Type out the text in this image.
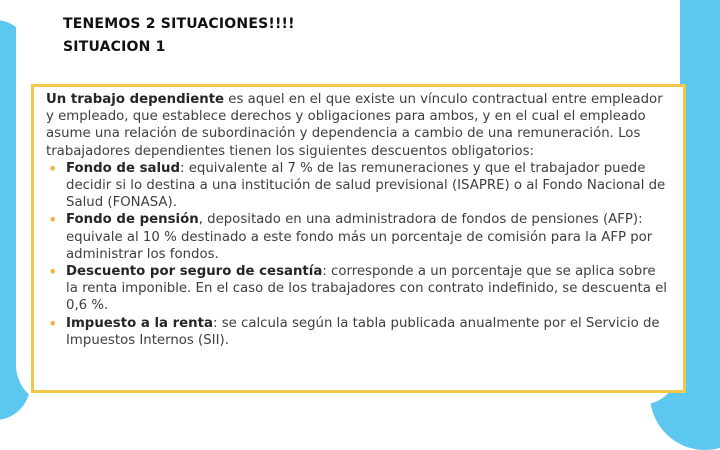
TENEMOS 2 SITUACIONES!!!!
SITUACION 1

Un trabajo dependiente es aquel en el que existe un vínculo contractual entre empleador y empleado, que establece derechos y obligaciones para ambos, y en el cual el empleado asume una relación de subordinación y dependencia a cambio de una remuneración. Los trabajadores dependientes tienen los siguientes descuentos obligatorios:

• Fondo de salud: equivalente al 7 % de las remuneraciones y que el trabajador puede decidir si lo destina a una institución de salud previsional (ISAPRE) o al Fondo Nacional de Salud (FONASA).
• Fondo de pensión, depositado en una administradora de fondos de pensiones (AFP): equivale al 10 % destinado a este fondo más un porcentaje de comisión para la AFP por administrar los fondos.
• Descuento por seguro de cesantía: corresponde a un porcentaje que se aplica sobre la renta imponible. En el caso de los trabajadores con contrato indefinido, se descuenta el 0,6 %.
• Impuesto a la renta: se calcula según la tabla publicada anualmente por el Servicio de Impuestos Internos (SII).
